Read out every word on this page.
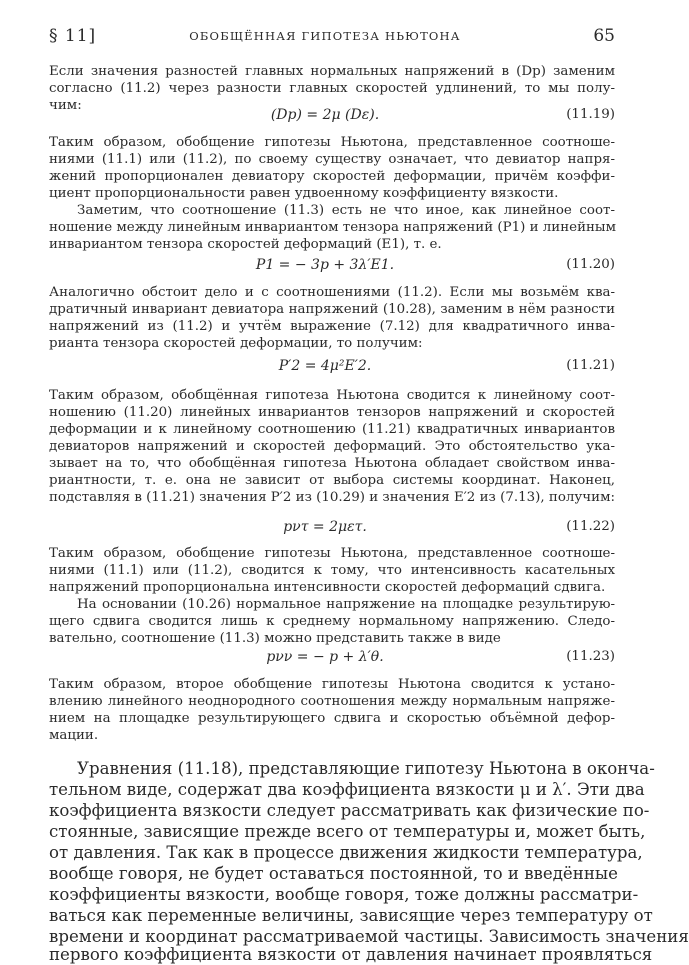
§ 11]	ОБОБЩЁННАЯ ГИПОТЕЗА НЬЮТОНА	65
Если значения разностей главных нормальных напряжений в (Dp) заменим
согласно (11.2) через разности главных скоростей удлинений, то мы полу-
чим:
(Dp) = 2μ (Dε).	(11.19)
Таким образом, обобщение гипотезы Ньютона, представленное соотноше-
ниями (11.1) или (11.2), по своему существу означает, что девиатор напря-
жений пропорционален девиатору скоростей деформации, причём коэффи-
циент пропорциональности равен удвоенному коэффициенту вязкости.
Заметим, что соотношение (11.3) есть не что иное, как линейное соот-
ношение между линейным инвариантом тензора напряжений (P1) и линейным
инвариантом тензора скоростей деформаций (E1), т. е.
P1 = − 3p + 3λ′E1.	(11.20)
Аналогично обстоит дело и с соотношениями (11.2). Если мы возьмём ква-
дратичный инвариант девиатора напряжений (10.28), заменим в нём разности
напряжений из (11.2) и учтём выражение (7.12) для квадратичного инва-
рианта тензора скоростей деформации, то получим:
P′2 = 4μ²E′2.	(11.21)
Таким образом, обобщённая гипотеза Ньютона сводится к линейному соот-
ношению (11.20) линейных инвариантов тензоров напряжений и скоростей
деформации и к линейному соотношению (11.21) квадратичных инвариантов
девиаторов напряжений и скоростей деформаций. Это обстоятельство ука-
зывает на то, что обобщённая гипотеза Ньютона обладает свойством инва-
риантности, т. е. она не зависит от выбора системы координат. Наконец,
подставляя в (11.21) значения P′2 из (10.29) и значения E′2 из (7.13), получим:
pντ = 2μετ.	(11.22)
Таким образом, обобщение гипотезы Ньютона, представленное соотноше-
ниями (11.1) или (11.2), сводится к тому, что интенсивность касательных
напряжений пропорциональна интенсивности скоростей деформаций сдвига.
На основании (10.26) нормальное напряжение на площадке результирую-
щего сдвига сводится лишь к среднему нормальному напряжению. Следо-
вательно, соотношение (11.3) можно представить также в виде
pνν = − p + λ′θ.	(11.23)
Таким образом, второе обобщение гипотезы Ньютона сводится к устано-
влению линейного неоднородного соотношения между нормальным напряже-
нием на площадке результирующего сдвига и скоростью объёмной дефор-
мации.
Уравнения (11.18), представляющие гипотезу Ньютона в оконча-
тельном виде, содержат два коэффициента вязкости μ и λ′. Эти два
коэффициента вязкости следует рассматривать как физические по-
стоянные, зависящие прежде всего от температуры и, может быть,
от давления. Так как в процессе движения жидкости температура,
вообще говоря, не будет оставаться постоянной, то и введённые
коэффициенты вязкости, вообще говоря, тоже должны рассматри-
ваться как переменные величины, зависящие через температуру от
времени и координат рассматриваемой частицы. Зависимость значения
первого коэффициента вязкости от давления начинает проявляться
